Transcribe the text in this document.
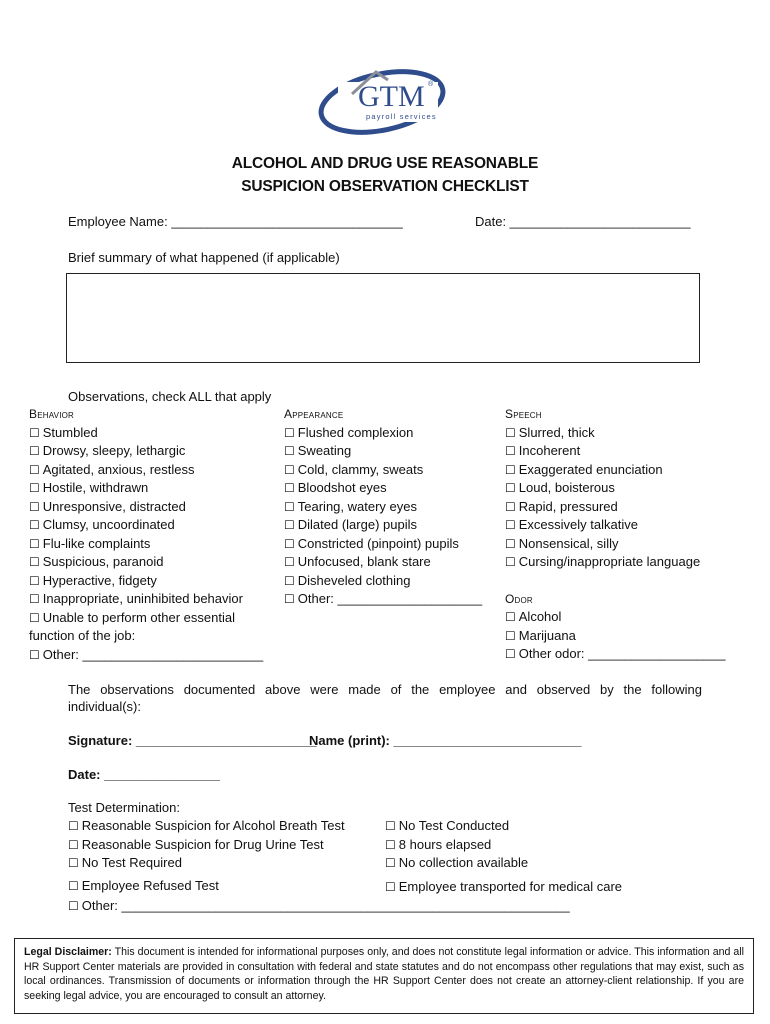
GTM ®
payroll services
ALCOHOL AND DRUG USE REASONABLE
SUSPICION OBSERVATION CHECKLIST
Employee Name: ________________________________	Date: _________________________
Brief summary of what happened (if applicable)
Observations, check ALL that apply
Behavior
☐ Stumbled
☐ Drowsy, sleepy, lethargic
☐ Agitated, anxious, restless
☐ Hostile, withdrawn
☐ Unresponsive, distracted
☐ Clumsy, uncoordinated
☐ Flu-like complaints
☐ Suspicious, paranoid
☐ Hyperactive, fidgety
☐ Inappropriate, uninhibited behavior
☐ Unable to perform other essential
function of the job:
☐ Other: _________________________
Appearance
☐ Flushed complexion
☐ Sweating
☐ Cold, clammy, sweats
☐ Bloodshot eyes
☐ Tearing, watery eyes
☐ Dilated (large) pupils
☐ Constricted (pinpoint) pupils
☐ Unfocused, blank stare
☐ Disheveled clothing
☐ Other: ____________________
Speech
☐ Slurred, thick
☐ Incoherent
☐ Exaggerated enunciation
☐ Loud, boisterous
☐ Rapid, pressured
☐ Excessively talkative
☐ Nonsensical, silly
☐ Cursing/inappropriate language
Odor
☐ Alcohol
☐ Marijuana
☐ Other odor: ___________________
The observations documented above were made of the employee and observed by the following
individual(s):
Signature: _________________________
Name (print): __________________________
Date: ________________
Test Determination:
☐ Reasonable Suspicion for Alcohol Breath Test
☐ Reasonable Suspicion for Drug Urine Test
☐ No Test Required
☐ Employee Refused Test
☐ Other: ______________________________________________________________
☐ No Test Conducted
☐ 8 hours elapsed
☐ No collection available
☐ Employee transported for medical care
Legal Disclaimer: This document is intended for informational purposes only, and does not constitute legal information or advice. This information and all HR Support Center materials are provided in consultation with federal and state statutes and do not encompass other regulations that may exist, such as local ordinances. Transmission of documents or information through the HR Support Center does not create an attorney-client relationship. If you are seeking legal advice, you are encouraged to consult an attorney.
